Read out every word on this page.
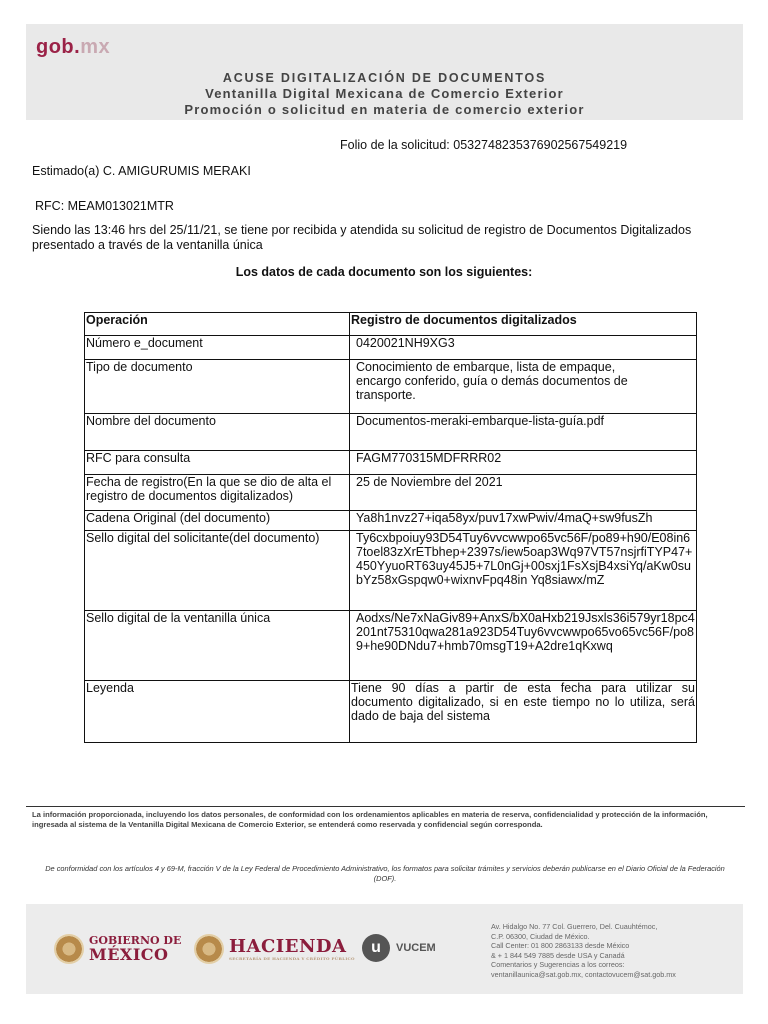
gob.mx
ACUSE DIGITALIZACIÓN DE DOCUMENTOS
Ventanilla Digital Mexicana de Comercio Exterior
Promoción o solicitud en materia de comercio exterior
Folio de la solicitud: 0532748235376902567549219
Estimado(a) C. AMIGURUMIS MERAKI
RFC: MEAM013021MTR
Siendo las 13:46 hrs del 25/11/21, se tiene por recibida y atendida su solicitud de registro de Documentos Digitalizados presentado a través de la ventanilla única
Los datos de cada documento son los siguientes:
Operación	Registro de documentos digitalizados
Número e_document	0420021NH9XG3
Tipo de documento	Conocimiento de embarque, lista de empaque, encargo conferido, guía o demás documentos de transporte.
Nombre del documento	Documentos-meraki-embarque-lista-guía.pdf
RFC para consulta	FAGM770315MDFRRR02
Fecha de registro(En la que se dio de alta el registro de documentos digitalizados)	25 de Noviembre del 2021
Cadena Original (del documento)	Ya8h1nvz27+iqa58yx/puv17xwPwiv/4maQ+sw9fusZh
Sello digital del solicitante(del documento)	Ty6cxbpoiuy93D54Tuy6vvcwwpo65vc56F/po89+h90/E08in67toel83zXrETbhep+2397s/iew5oap3Wq97VT57nsjrfiTYP47+450YyuoRT63uy45J5+7L0nGj+00sxj1FsXsjB4xsiYq/aKw0subYz58xGspqw0+wixnvFpq48in Yq8siawx/mZ
Sello digital de la ventanilla única	Aodxs/Ne7xNaGiv89+AnxS/bX0aHxb219Jsxls36i579yr18pc4201nt75310qwa281a923D54Tuy6vvcwwpo65vo65vc56F/po89+he90DNdu7+hmb70msgT19+A2dre1qKxwq
Leyenda	Tiene 90 días a partir de esta fecha para utilizar su documento digitalizado, si en este tiempo no lo utiliza, será dado de baja del sistema
La información proporcionada, incluyendo los datos personales, de conformidad con los ordenamientos aplicables en materia de reserva, confidencialidad y protección de la información, ingresada al sistema de la Ventanilla Digital Mexicana de Comercio Exterior, se entenderá como reservada y confidencial según corresponda.
De conformidad con los artículos 4 y 69-M, fracción V de la Ley Federal de Procedimiento Administrativo, los formatos para solicitar trámites y servicios deberán publicarse en el Diario Oficial de la Federación (DOF).
GOBIERNO DE
MÉXICO	HACIENDA
SECRETARÍA DE HACIENDA Y CRÉDITO PÚBLICO
u	VUCEM
Av. Hidalgo No. 77 Col. Guerrero, Del. Cuauhtémoc,
C.P. 06300, Ciudad de México.
Call Center: 01 800 2863133 desde México
& + 1 844 549 7885 desde USA y Canadá
Comentarios y Sugerencias a los correos:
ventanillaunica@sat.gob.mx, contactovucem@sat.gob.mx
